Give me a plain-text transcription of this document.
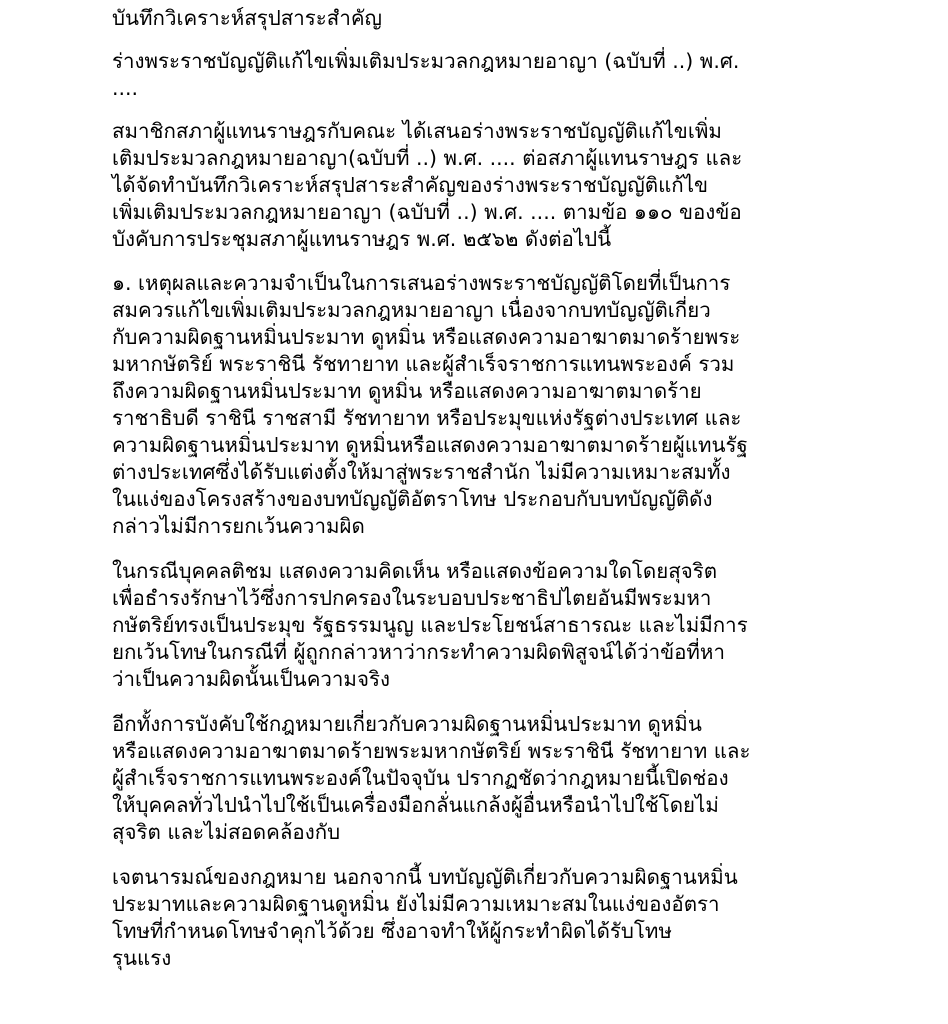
บันทึกวิเคราะห์สรุปสาระสำคัญ

ร่างพระราชบัญญัติแก้ไขเพิ่มเติมประมวลกฎหมายอาญา (ฉบับที่ ..) พ.ศ.
....

สมาชิกสภาผู้แทนราษฎรกับคณะ ได้เสนอร่างพระราชบัญญัติแก้ไขเพิ่ม
เติมประมวลกฎหมายอาญา(ฉบับที่ ..) พ.ศ. .... ต่อสภาผู้แทนราษฎร และ
ได้จัดทำบันทึกวิเคราะห์สรุปสาระสำคัญของร่างพระราชบัญญัติแก้ไข
เพิ่มเติมประมวลกฎหมายอาญา (ฉบับที่ ..) พ.ศ. .... ตามข้อ ๑๑๐ ของข้อ
บังคับการประชุมสภาผู้แทนราษฎร พ.ศ. ๒๕๖๒ ดังต่อไปนี้

๑. เหตุผลและความจำเป็นในการเสนอร่างพระราชบัญญัติโดยที่เป็นการ
สมควรแก้ไขเพิ่มเติมประมวลกฎหมายอาญา เนื่องจากบทบัญญัติเกี่ยว
กับความผิดฐานหมิ่นประมาท ดูหมิ่น หรือแสดงความอาฆาตมาดร้ายพระ
มหากษัตริย์ พระราชินี รัชทายาท และผู้สำเร็จราชการแทนพระองค์ รวม
ถึงความผิดฐานหมิ่นประมาท ดูหมิ่น หรือแสดงความอาฆาตมาดร้าย
ราชาธิบดี ราชินี ราชสามี รัชทายาท หรือประมุขแห่งรัฐต่างประเทศ และ
ความผิดฐานหมิ่นประมาท ดูหมิ่นหรือแสดงความอาฆาตมาดร้ายผู้แทนรัฐ
ต่างประเทศซึ่งได้รับแต่งตั้งให้มาสู่พระราชสำนัก ไม่มีความเหมาะสมทั้ง
ในแง่ของโครงสร้างของบทบัญญัติอัตราโทษ ประกอบกับบทบัญญัติดัง
กล่าวไม่มีการยกเว้นความผิด

ในกรณีบุคคลติชม แสดงความคิดเห็น หรือแสดงข้อความใดโดยสุจริต
เพื่อธำรงรักษาไว้ซึ่งการปกครองในระบอบประชาธิปไตยอันมีพระมหา
กษัตริย์ทรงเป็นประมุข รัฐธรรมนูญ และประโยชน์สาธารณะ และไม่มีการ
ยกเว้นโทษในกรณีที่ ผู้ถูกกล่าวหาว่ากระทำความผิดพิสูจน์ได้ว่าข้อที่หา
ว่าเป็นความผิดนั้นเป็นความจริง

อีกทั้งการบังคับใช้กฎหมายเกี่ยวกับความผิดฐานหมิ่นประมาท ดูหมิ่น
หรือแสดงความอาฆาตมาดร้ายพระมหากษัตริย์ พระราชินี รัชทายาท และ
ผู้สำเร็จราชการแทนพระองค์ในปัจจุบัน ปรากฏชัดว่ากฎหมายนี้เปิดช่อง
ให้บุคคลทั่วไปนำไปใช้เป็นเครื่องมือกลั่นแกล้งผู้อื่นหรือนำไปใช้โดยไม่
สุจริต และไม่สอดคล้องกับ

เจตนารมณ์ของกฎหมาย นอกจากนี้ บทบัญญัติเกี่ยวกับความผิดฐานหมิ่น
ประมาทและความผิดฐานดูหมิ่น ยังไม่มีความเหมาะสมในแง่ของอัตรา
โทษที่กำหนดโทษจำคุกไว้ด้วย ซึ่งอาจทำให้ผู้กระทำผิดได้รับโทษ
รุนแรง
